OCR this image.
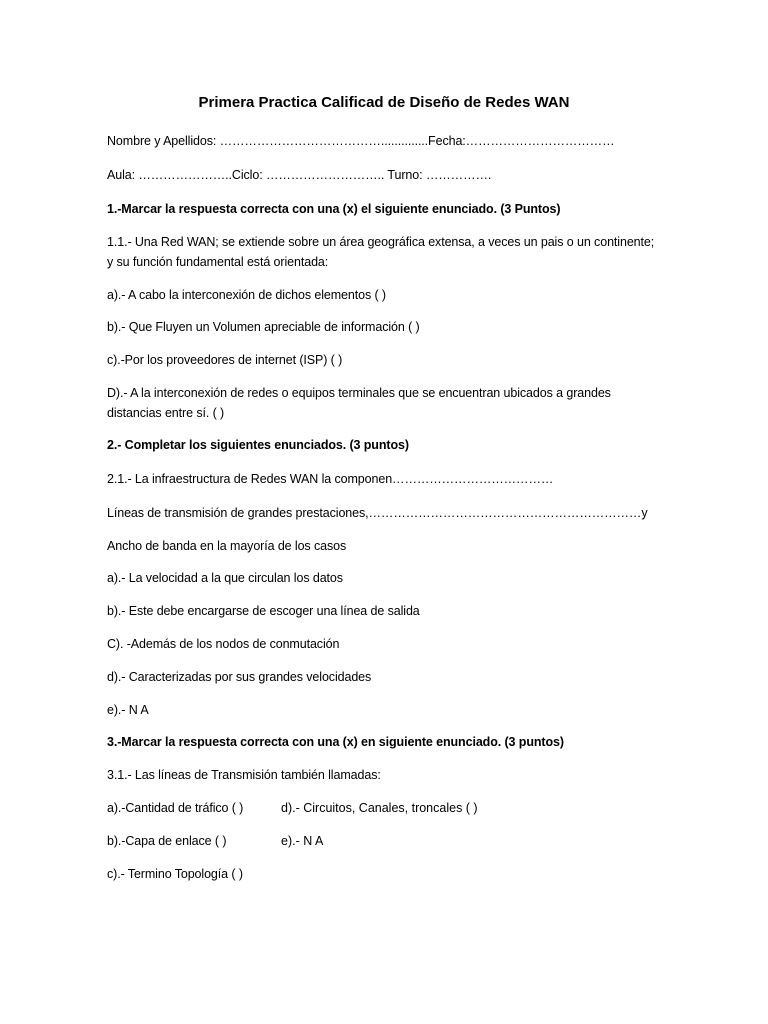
Primera Practica Calificad de Diseño de Redes WAN
Nombre y Apellidos: …………………………………..............Fecha:………………………………
Aula: …………………..Ciclo: ……………………….. Turno: …………….
1.-Marcar la respuesta correcta con una (x) el siguiente enunciado. (3 Puntos)
1.1.- Una Red WAN; se extiende sobre un área geográfica extensa, a veces un pais o un continente;
y su función fundamental está orientada:
a).- A cabo la interconexión de dichos elementos ( )
b).- Que Fluyen un Volumen apreciable de información ( )
c).-Por los proveedores de internet (ISP) ( )
D).- A la interconexión de redes o equipos terminales que se encuentran ubicados a grandes
distancias entre sí. ( )
2.- Completar los siguientes enunciados. (3 puntos)
2.1.- La infraestructura de Redes WAN la componen…………………………………
Líneas de transmisión de grandes prestaciones,…………………………………………………………y
Ancho de banda en la mayoría de los casos
a).- La velocidad a la que circulan los datos
b).- Este debe encargarse de escoger una línea de salida
C). -Además de los nodos de conmutación
d).- Caracterizadas por sus grandes velocidades
e).- N A
3.-Marcar la respuesta correcta con una (x) en siguiente enunciado. (3 puntos)
3.1.- Las líneas de Transmisión también llamadas:
a).-Cantidad de tráfico ( )	d).- Circuitos, Canales, troncales ( )
b).-Capa de enlace ( )	e).- N A
c).- Termino Topología ( )
